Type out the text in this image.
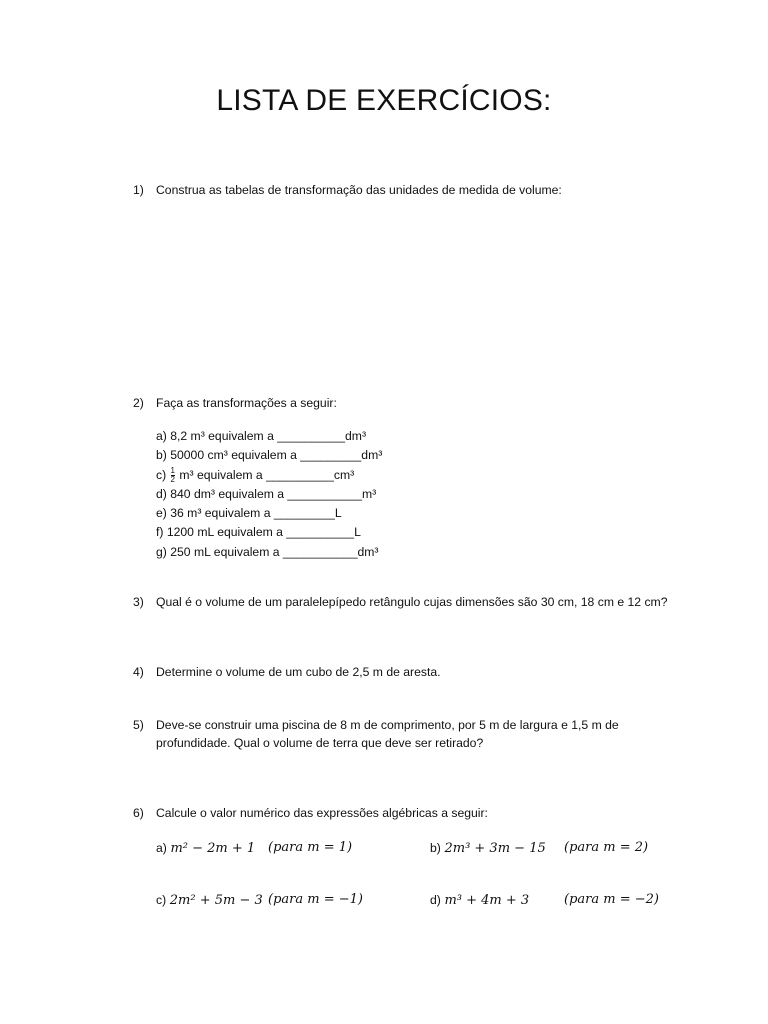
LISTA DE EXERCÍCIOS:
1) Construa as tabelas de transformação das unidades de medida de volume:
2) Faça as transformações a seguir:
a) 8,2 m³ equivalem a __________dm³
b) 50000 cm³ equivalem a _________dm³
$c) \frac{1}{2} m^3$ equivalem a __________cm³
d) 840 dm³ equivalem a ___________m³
e) 36 m³ equivalem a _________L
f) 1200 mL equivalem a __________L
g) 250 mL equivalem a ___________dm³
3) Qual é o volume de um paralelepípedo retângulo cujas dimensões são 30 cm, 18 cm e 12 cm?
4) Determine o volume de um cubo de 2,5 m de aresta.
5) Deve-se construir uma piscina de 8 m de comprimento, por 5 m de largura e 1,5 m de profundidade. Qual o volume de terra que deve ser retirado?
6) Calcule o valor numérico das expressões algébricas a seguir:
a) m² − 2m + 1 (para m = 1)	b) 2m³ + 3m − 15 (para m = 2)
c) 2m² + 5m − 3 (para m = −1)	d) m³ + 4m + 3	(para m = −2)
